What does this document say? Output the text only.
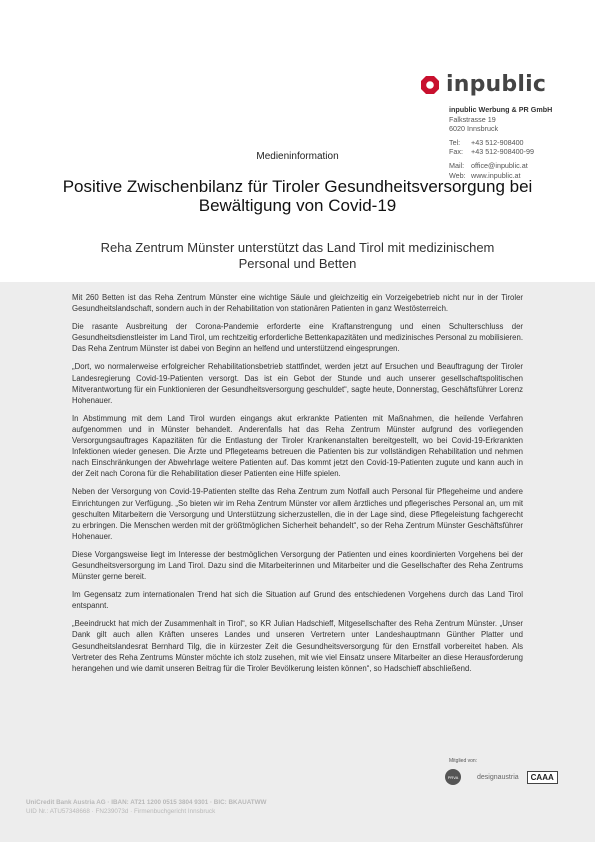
inpublic
inpublic Werbung & PR GmbH
Falkstrasse 19
6020 Innsbruck
Tel:	+43 512-908400
Fax:	+43 512-908400-99
Mail: office@inpublic.at
Web: www.inpublic.at
Medieninformation
Positive Zwischenbilanz für Tiroler Gesundheitsversorgung bei Bewältigung von Covid-19
Reha Zentrum Münster unterstützt das Land Tirol mit medizinischem Personal und Betten

Mit 260 Betten ist das Reha Zentrum Münster eine wichtige Säule und gleichzeitig ein Vorzeigebetrieb nicht nur in der Tiroler Gesundheitslandschaft, sondern auch in der Rehabilitation von stationären Patienten in ganz Westösterreich.

Die rasante Ausbreitung der Corona-Pandemie erforderte eine Kraftanstrengung und einen Schulterschluss der Gesundheitsdienstleister im Land Tirol, um rechtzeitig erforderliche Bettenkapazitäten und medizinisches Personal zu mobilisieren. Das Reha Zentrum Münster ist dabei von Beginn an helfend und unterstützend eingesprungen.

„Dort, wo normalerweise erfolgreicher Rehabilitationsbetrieb stattfindet, werden jetzt auf Ersuchen und Beauftragung der Tiroler Landesregierung Covid-19-Patienten versorgt. Das ist ein Gebot der Stunde und auch unserer gesellschaftspolitischen Mitverantwortung für ein Funktionieren der Gesundheitsversorgung geschuldet“, sagte heute, Donnerstag, Geschäftsführer Lorenz Hohenauer.

In Abstimmung mit dem Land Tirol wurden eingangs akut erkrankte Patienten mit Maßnahmen, die heilende Verfahren aufgenommen und in Münster behandelt. Anderenfalls hat das Reha Zentrum Münster aufgrund des vorliegenden Versorgungsauftrages Kapazitäten für die Entlastung der Tiroler Krankenanstalten bereitgestellt, wo bei Covid-19-Erkrankten Infektionen wieder genesen. Die Ärzte und Pflegeteams betreuen die Patienten bis zur vollständigen Rehabilitation und nehmen nach Einschränkungen der Abwehrlage weitere Patienten auf. Das kommt jetzt den Covid-19-Patienten zugute und kann auch in der Zeit nach Corona für die Rehabilitation dieser Patienten eine Hilfe spielen.

Neben der Versorgung von Covid-19-Patienten stellte das Reha Zentrum zum Notfall auch Personal für Pflegeheime und andere Einrichtungen zur Verfügung. „So bieten wir im Reha Zentrum Münster vor allem ärztliches und pflegerisches Personal an, um mit geschulten Mitarbeitern die Versorgung und Unterstützung sicherzustellen, die in der Lage sind, diese Pflegeleistung fachgerecht zu erbringen. Die Menschen werden mit der größtmöglichen Sicherheit behandelt“, so der Reha Zentrum Münster Geschäftsführer Hohenauer.

Diese Vorgangsweise liegt im Interesse der bestmöglichen Versorgung der Patienten und eines koordinierten Vorgehens bei der Gesundheitsversorgung im Land Tirol. Dazu sind die Mitarbeiterinnen und Mitarbeiter und die Gesellschafter des Reha Zentrums Münster gerne bereit.

Im Gegensatz zum internationalen Trend hat sich die Situation auf Grund des entschiedenen Vorgehens durch das Land Tirol entspannt.

„Beeindruckt hat mich der Zusammenhalt in Tirol“, so KR Julian Hadschieff, Mitgesellschafter des Reha Zentrum Münster. „Unser Dank gilt auch allen Kräften unseres Landes und unseren Vertretern unter Landeshauptmann Günther Platter und Gesundheitslandesrat Bernhard Tilg, die in kürzester Zeit die Gesundheitsversorgung für den Ernstfall vorbereitet haben. Als Vertreter des Reha Zentrums Münster möchte ich stolz zusehen, mit wie viel Einsatz unsere Mitarbeiter an diese Herausforderung herangehen und wie damit unseren Beitrag für die Tiroler Bevölkerung leisten können“, so Hadschieff abschließend.

Mitglied von:
PRVA	designaustria	CAAA
UniCredit Bank Austria AG · IBAN: AT21 1200 0515 3804 9301 · BIC: BKAUATWW
UID Nr.: ATU57348668 · FN239073d · Firmenbuchgericht Innsbruck
